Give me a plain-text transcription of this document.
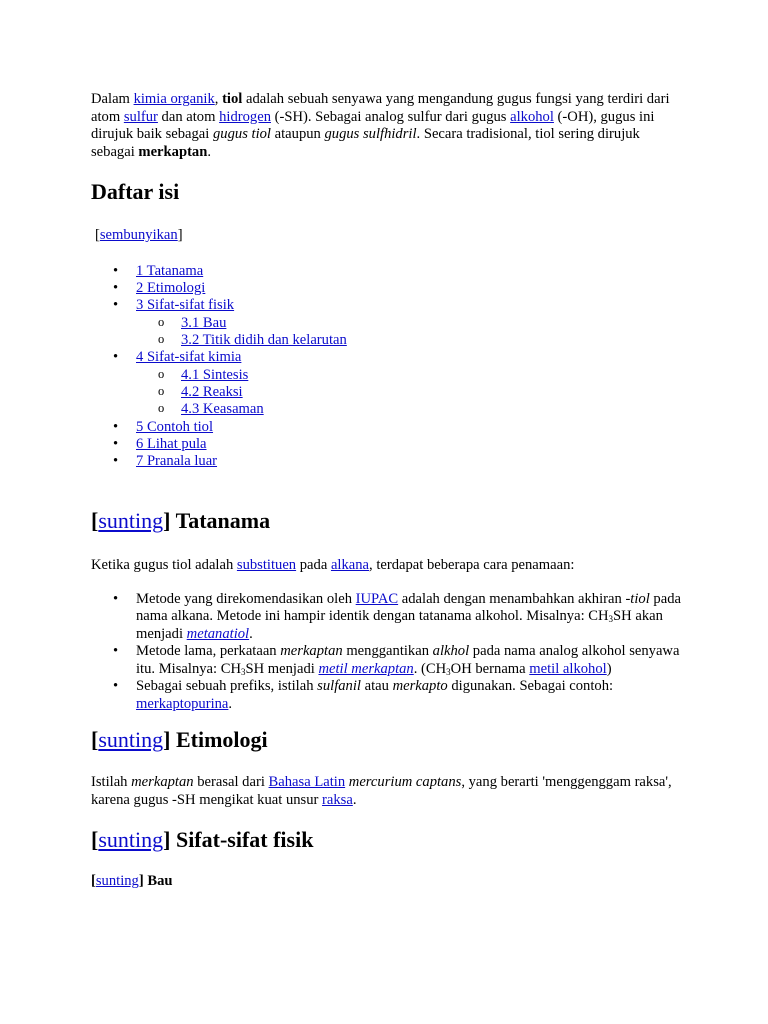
Dalam kimia organik, tiol adalah sebuah senyawa yang mengandung gugus fungsi yang terdiri dari atom sulfur dan atom hidrogen (-SH). Sebagai analog sulfur dari gugus alkohol (-OH), gugus ini dirujuk baik sebagai gugus tiol ataupun gugus sulfhidril. Secara tradisional, tiol sering dirujuk sebagai merkaptan.

Daftar isi

[sembunyikan]

• 1 Tatanama
• 2 Etimologi
• 3 Sifat-sifat fisik
o 3.1 Bau
o 3.2 Titik didih dan kelarutan
• 4 Sifat-sifat kimia
o 4.1 Sintesis
o 4.2 Reaksi
o 4.3 Keasaman
• 5 Contoh tiol
• 6 Lihat pula
• 7 Pranala luar
[sunting] Tatanama

Ketika gugus tiol adalah substituen pada alkana, terdapat beberapa cara penamaan:

• Metode yang direkomendasikan oleh IUPAC adalah dengan menambahkan akhiran -tiol pada nama alkana. Metode ini hampir identik dengan tatanama alkohol. Misalnya: $CH_3SH$ akan menjadi metanatiol.
• Metode lama, perkataan merkaptan menggantikan alkhol pada nama analog alkohol senyawa itu. Misalnya: $CH_3SH$ menjadi metil merkaptan. ($CH_3OH$ bernama metil alkohol)
• Sebagai sebuah prefiks, istilah sulfanil atau merkapto digunakan. Sebagai contoh: merkaptopurina.
[sunting] Etimologi

Istilah merkaptan berasal dari Bahasa Latin mercurium captans, yang berarti 'menggenggam raksa', karena gugus -SH mengikat kuat unsur raksa.

[sunting] Sifat-sifat fisik
[sunting] Bau
